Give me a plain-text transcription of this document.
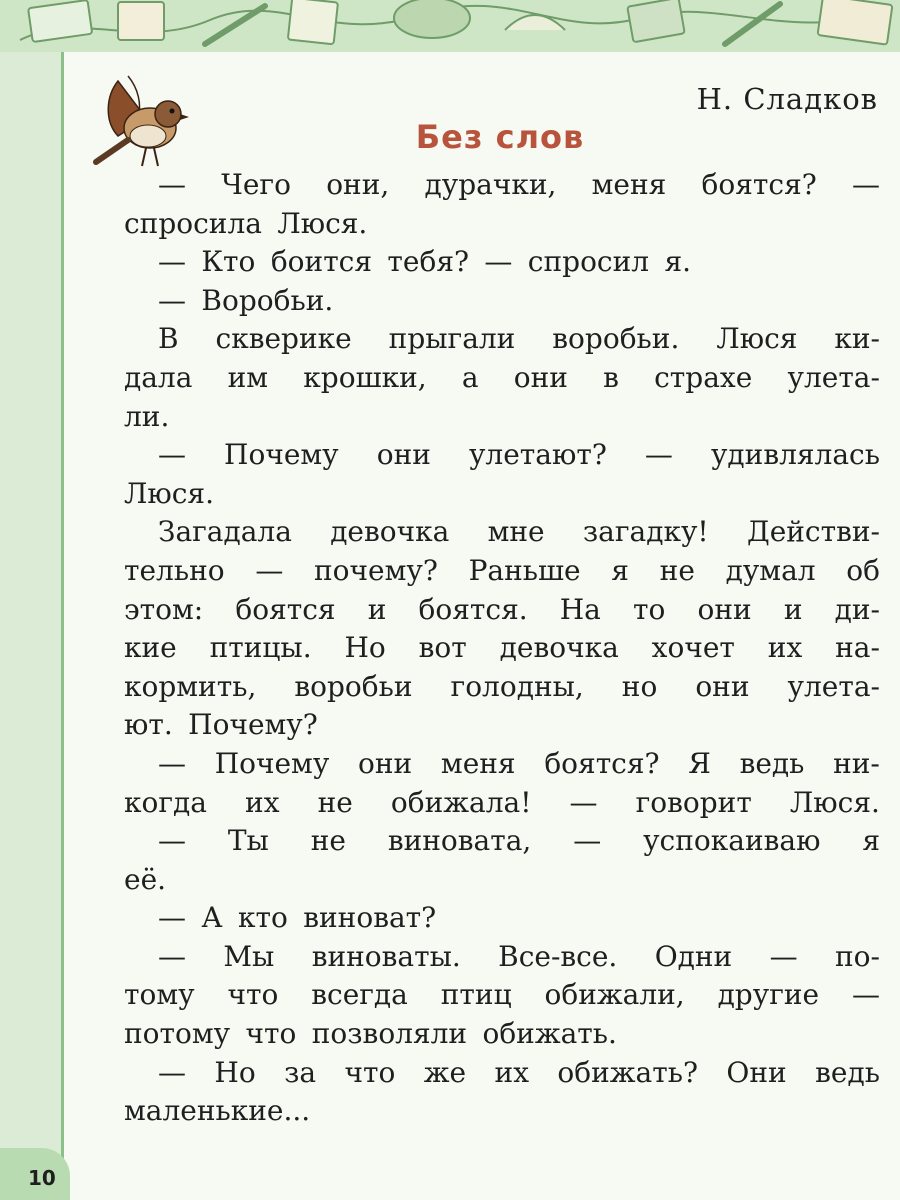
10
Н. Сладков
Без слов
— Чего они, дурачки, меня боятся? —
спросила Люся.
— Кто боится тебя? — спросил я.
— Воробьи.
В скверике прыгали воробьи. Люся ки-
дала им крошки, а они в страхе улета-
ли.
— Почему они улетают? — удивлялась
Люся.
Загадала девочка мне загадку! Действи-
тельно — почему? Раньше я не думал об
этом: боятся и боятся. На то они и ди-
кие птицы. Но вот девочка хочет их на-
кормить, воробьи голодны, но они улета-
ют. Почему?
— Почему они меня боятся? Я ведь ни-
когда их не обижала! — говорит Люся.
— Ты не виновата, — успокаиваю я
её.
— А кто виноват?
— Мы виноваты. Все-все. Одни — по-
тому что всегда птиц обижали, другие —
потому что позволяли обижать.
— Но за что же их обижать? Они ведь
маленькие...
